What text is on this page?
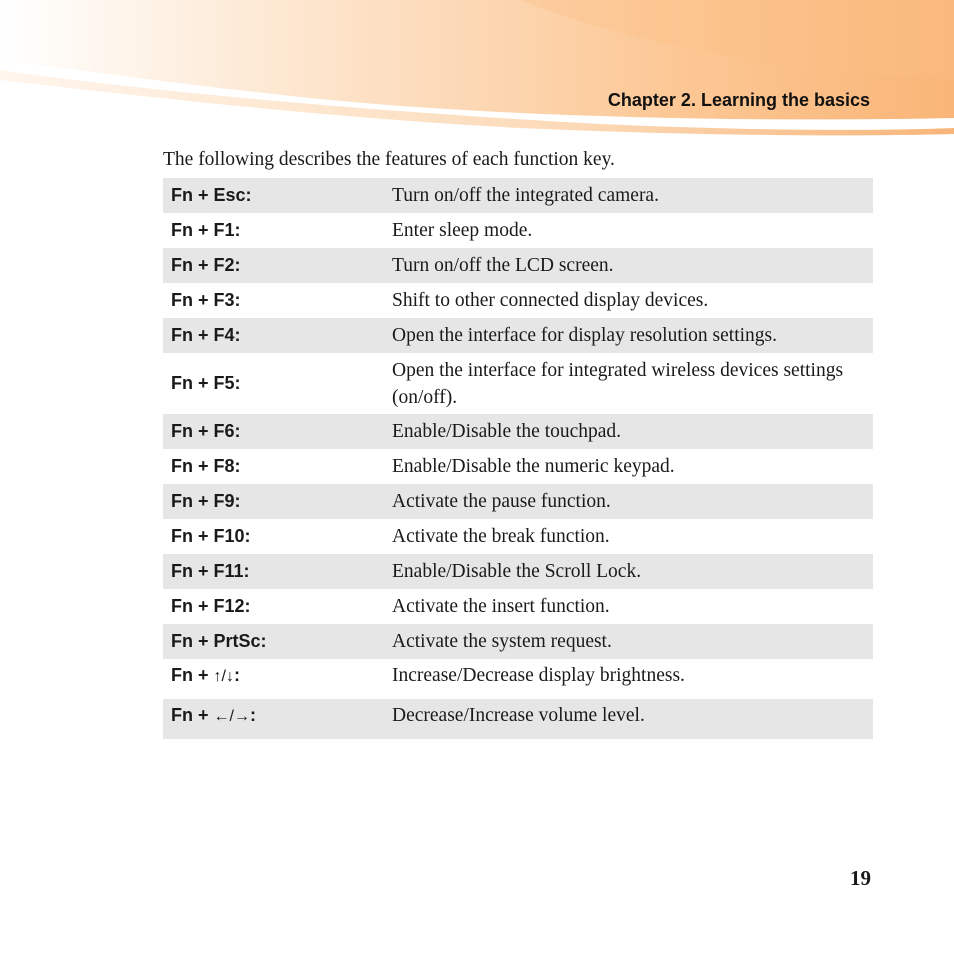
Chapter 2. Learning the basics
The following describes the features of each function key.
Fn + Esc:	Turn on/off the integrated camera.
Fn + F1:	Enter sleep mode.
Fn + F2:	Turn on/off the LCD screen.
Fn + F3:	Shift to other connected display devices.
Fn + F4:	Open the interface for display resolution settings.
Fn + F5:	Open the interface for integrated wireless devices settings (on/off).
Fn + F6:	Enable/Disable the touchpad.
Fn + F8:	Enable/Disable the numeric keypad.
Fn + F9:	Activate the pause function.
Fn + F10:	Activate the break function.
Fn + F11:	Enable/Disable the Scroll Lock.
Fn + F12:	Activate the insert function.
Fn + PrtSc:	Activate the system request.
Fn + ↑/↓:	Increase/Decrease display brightness.
Fn + ←/→:	Decrease/Increase volume level.
19
